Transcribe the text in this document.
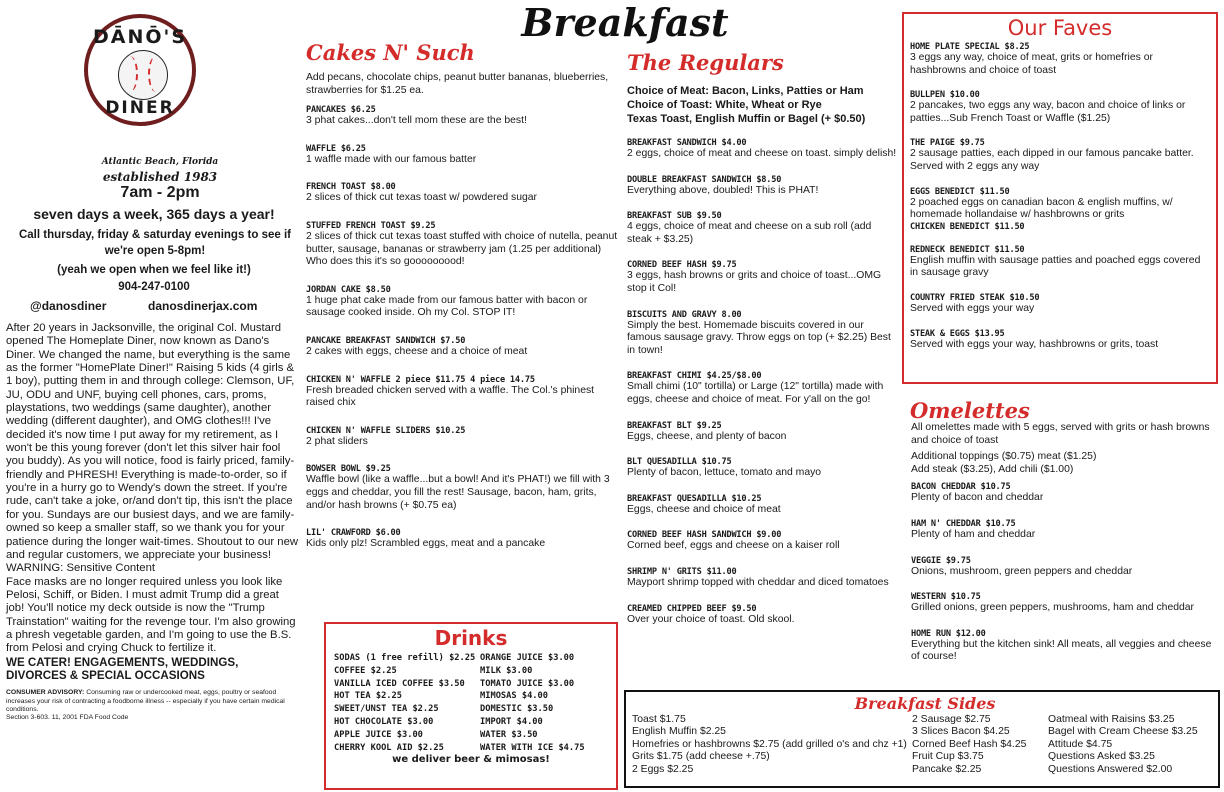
Breakfast
DĀNŌ'S
DINER
Atlantic Beach, Florida
established 1983
7am - 2pm
seven days a week, 365 days a year!
Call thursday, friday & saturday evenings to see if we're open 5-8pm!
(yeah we open when we feel like it!)
904-247-0100
@danosdiner	danosdinerjax.com

After 20 years in Jacksonville, the original Col. Mustard opened The Homeplate Diner, now known as Dano's Diner. We changed the name, but everything is the same as the former "HomePlate Diner!" Raising 5 kids (4 girls & 1 boy), putting them in and through college: Clemson, UF, JU, ODU and UNF, buying cell phones, cars, proms, playstations, two weddings (same daughter), another wedding (different daughter), and OMG clothes!!! I've decided it's now time I put away for my retirement, as I won't be this young forever (don't let this silver hair fool you buddy). As you will notice, food is fairly priced, family-friendly and PHRESH! Everything is made-to-order, so if you're in a hurry go to Wendy's down the street. If you're rude, can't take a joke, or/and don't tip, this isn't the place for you. Sundays are our busiest days, and we are family-owned so keep a smaller staff, so we thank you for your patience during the longer wait-times. Shoutout to our new and regular customers, we appreciate your business!

WARNING: Sensitive Content

Face masks are no longer required unless you look like Pelosi, Schiff, or Biden. I must admit Trump did a great job! You'll notice my deck outside is now the "Trump Trainstation" waiting for the revenge tour. I'm also growing a phresh vegetable garden, and I'm going to use the B.S. from Pelosi and crying Chuck to fertilize it.

WE CATER! ENGAGEMENTS, WEDDINGS, DIVORCES & SPECIAL OCCASIONS

CONSUMER ADVISORY: Consuming raw or undercooked meat, eggs, poultry or seafood increases your risk of contracting a foodborne illness -- especially if you have certain medical conditions.

Section 3-603. 11, 2001 FDA Food Code

Cakes N' Such

Add pecans, chocolate chips, peanut butter bananas, blueberries, strawberries for $1.25 ea.

PANCAKES $6.25

3 phat cakes...don't tell mom these are the best!

WAFFLE $6.25

1 waffle made with our famous batter

FRENCH TOAST $8.00

2 slices of thick cut texas toast w/ powdered sugar

STUFFED FRENCH TOAST $9.25

2 slices of thick cut texas toast stuffed with choice of nutella, peanut butter, sausage, bananas or strawberry jam (1.25 per additional) Who does this it's so gooooooood!

JORDAN CAKE $8.50

1 huge phat cake made from our famous batter with bacon or sausage cooked inside. Oh my Col. STOP IT!

PANCAKE BREAKFAST SANDWICH $7.50

2 cakes with eggs, cheese and a choice of meat

CHICKEN N' WAFFLE 2 piece $11.75 4 piece 14.75

Fresh breaded chicken served with a waffle. The Col.'s phinest raised chix

CHICKEN N' WAFFLE SLIDERS $10.25

2 phat sliders

BOWSER BOWL $9.25

Waffle bowl (like a waffle...but a bowl! And it's PHAT!) we fill with 3 eggs and cheddar, you fill the rest! Sausage, bacon, ham, grits, and/or hash browns (+ $0.75 ea)

LIL' CRAWFORD $6.00

Kids only plz! Scrambled eggs, meat and a pancake

Drinks
SODAS (1 free refill) $2.25
COFFEE $2.25
VANILLA ICED COFFEE $3.50
HOT TEA $2.25
SWEET/UNST TEA $2.25
HOT CHOCOLATE $3.00
APPLE JUICE $3.00
CHERRY KOOL AID $2.25
ORANGE JUICE $3.00
MILK $3.00
TOMATO JUICE $3.00
MIMOSAS $4.00
DOMESTIC $3.50
IMPORT $4.00
WATER $3.50
WATER WITH ICE $4.75
we deliver beer & mimosas!
The Regulars

Choice of Meat: Bacon, Links, Patties or Ham

Choice of Toast: White, Wheat or Rye

Texas Toast, English Muffin or Bagel (+ $0.50)

BREAKFAST SANDWICH $4.00

2 eggs, choice of meat and cheese on toast. simply delish!

DOUBLE BREAKFAST SANDWICH $8.50

Everything above, doubled! This is PHAT!

BREAKFAST SUB $9.50

4 eggs, choice of meat and cheese on a sub roll (add steak + $3.25)

CORNED BEEF HASH $9.75

3 eggs, hash browns or grits and choice of toast...OMG stop it Col!

BISCUITS AND GRAVY 8.00

Simply the best. Homemade biscuits covered in our famous sausage gravy. Throw eggs on top (+ $2.25) Best in town!

BREAKFAST CHIMI $4.25/$8.00

Small chimi (10" tortilla) or Large (12" tortilla) made with eggs, cheese and choice of meat. For y'all on the go!

BREAKFAST BLT $9.25

Eggs, cheese, and plenty of bacon

BLT QUESADILLA $10.75

Plenty of bacon, lettuce, tomato and mayo

BREAKFAST QUESADILLA $10.25

Eggs, cheese and choice of meat

CORNED BEEF HASH SANDWICH $9.00

Corned beef, eggs and cheese on a kaiser roll

SHRIMP N' GRITS $11.00

Mayport shrimp topped with cheddar and diced tomatoes

CREAMED CHIPPED BEEF $9.50

Over your choice of toast. Old skool.

Our Faves

HOME PLATE SPECIAL $8.25

3 eggs any way, choice of meat, grits or homefries or hashbrowns and choice of toast

BULLPEN $10.00

2 pancakes, two eggs any way, bacon and choice of links or patties...Sub French Toast or Waffle ($1.25)

THE PAIGE $9.75

2 sausage patties, each dipped in our famous pancake batter. Served with 2 eggs any way

EGGS BENEDICT $11.50

2 poached eggs on canadian bacon & english muffins, w/ homemade hollandaise w/ hashbrowns or grits

CHICKEN BENEDICT $11.50

REDNECK BENEDICT $11.50

English muffin with sausage patties and poached eggs covered in sausage gravy

COUNTRY FRIED STEAK $10.50

Served with eggs your way

STEAK & EGGS $13.95

Served with eggs your way, hashbrowns or grits, toast

Omelettes

All omelettes made with 5 eggs, served with grits or hash browns and choice of toast

Additional toppings ($0.75) meat ($1.25)

Add steak ($3.25), Add chili ($1.00)

BACON CHEDDAR $10.75

Plenty of bacon and cheddar

HAM N' CHEDDAR $10.75

Plenty of ham and cheddar

VEGGIE $9.75

Onions, mushroom, green peppers and cheddar

WESTERN $10.75

Grilled onions, green peppers, mushrooms, ham and cheddar

HOME RUN $12.00

Everything but the kitchen sink! All meats, all veggies and cheese of course!

Breakfast Sides
Toast $1.75
English Muffin $2.25
Homefries or hashbrowns $2.75 (add grilled o's and chz +1)
Grits $1.75 (add cheese +.75)
2 Eggs $2.25
2 Sausage $2.75
3 Slices Bacon $4.25
Corned Beef Hash $4.25
Fruit Cup $3.75
Pancake $2.25
Oatmeal with Raisins $3.25
Bagel with Cream Cheese $3.25
Attitude $4.75
Questions Asked $3.25
Questions Answered $2.00
